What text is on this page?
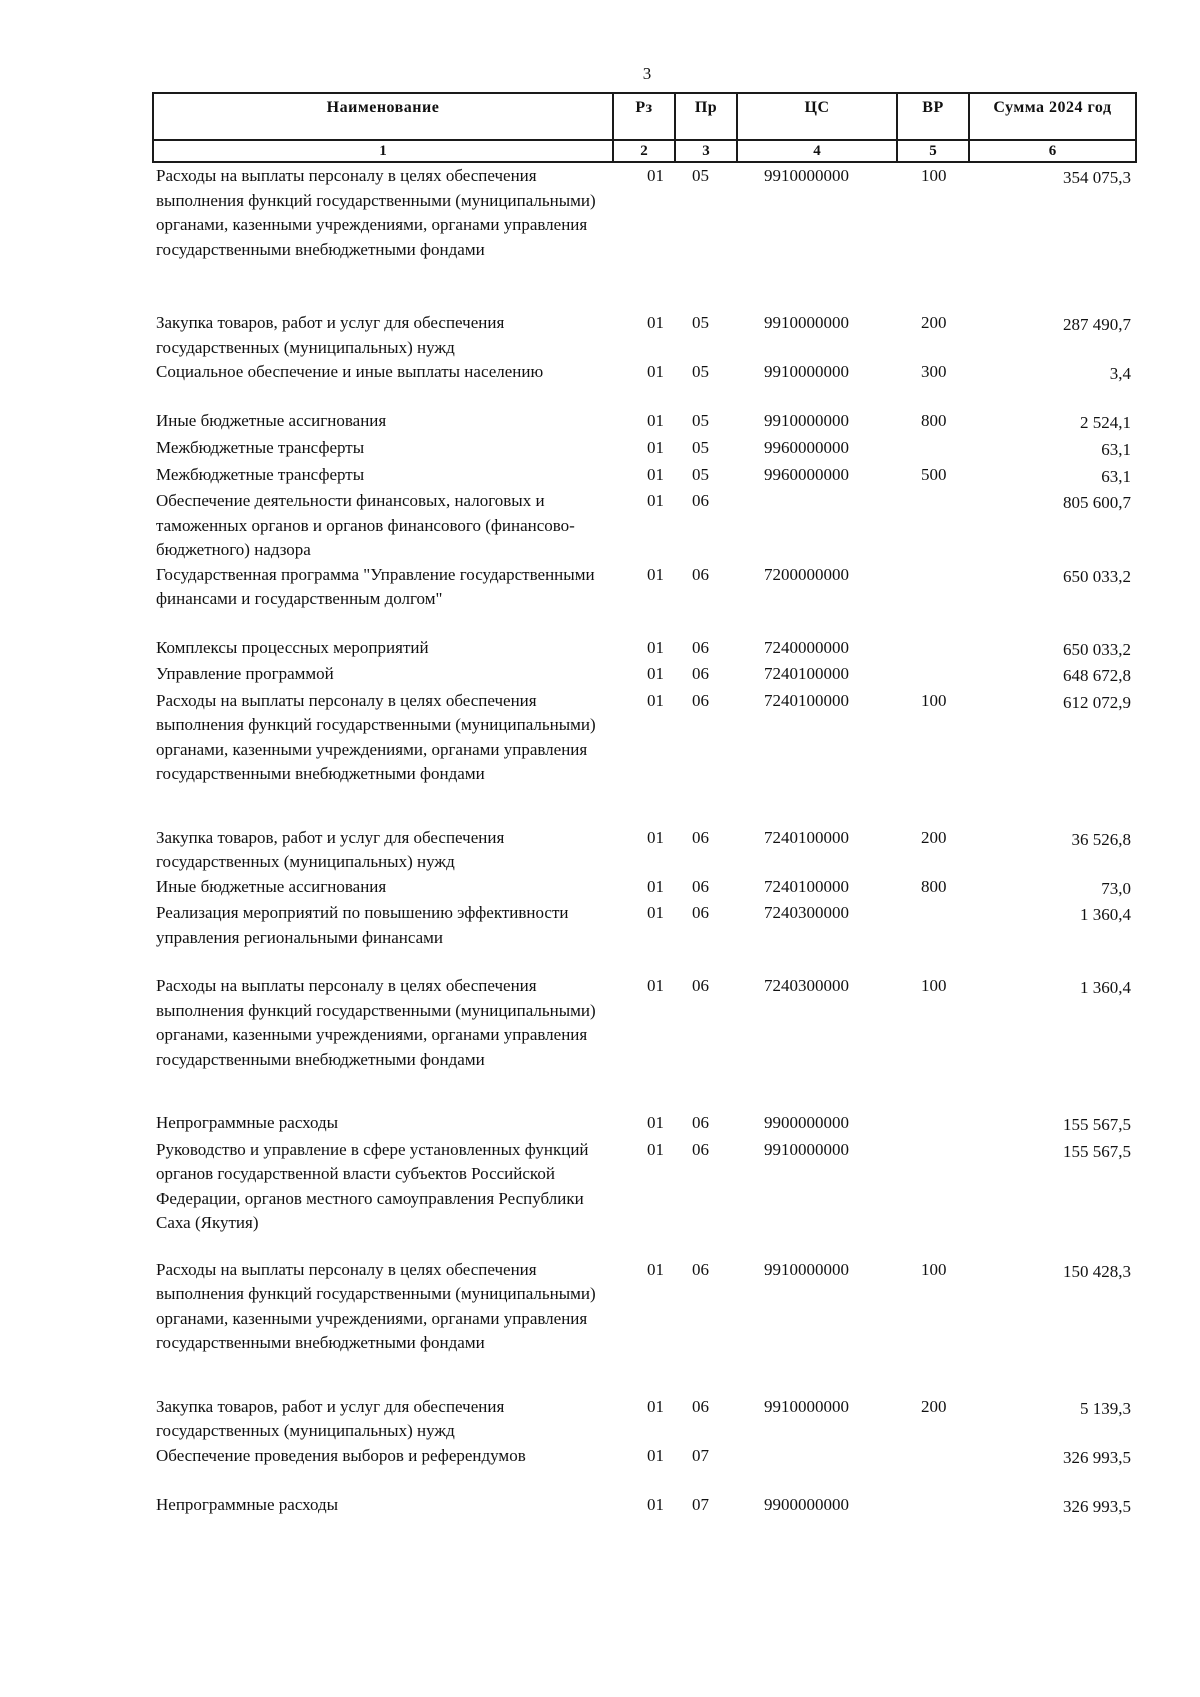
3
Наименование	Рз	Пр	ЦС	ВР	Сумма 2024 год
1	2	3	4	5	6
Расходы на выплаты персоналу в целях обеспечения выполнения функций государственными (муниципальными) органами, казенными учреждениями, органами управления государственными внебюджетными фондами	01	05	9910000000	100	354 075,3
Закупка товаров, работ и услуг для обеспечения государственных (муниципальных) нужд	01	05	9910000000	200	287 490,7
Социальное обеспечение и иные выплаты населению	01	05	9910000000	300	3,4
Иные бюджетные ассигнования	01	05	9910000000	800	2 524,1
Межбюджетные трансферты	01	05	9960000000		63,1
Межбюджетные трансферты	01	05	9960000000	500	63,1
Обеспечение деятельности финансовых, налоговых и таможенных органов и органов финансового (финансово-бюджетного) надзора	01	06			805 600,7
Государственная программа "Управление государственными финансами и государственным долгом"	01	06	7200000000		650 033,2
Комплексы процессных мероприятий	01	06	7240000000		650 033,2
Управление программой	01	06	7240100000		648 672,8
Расходы на выплаты персоналу в целях обеспечения выполнения функций государственными (муниципальными) органами, казенными учреждениями, органами управления государственными внебюджетными фондами	01	06	7240100000	100	612 072,9
Закупка товаров, работ и услуг для обеспечения государственных (муниципальных) нужд	01	06	7240100000	200	36 526,8
Иные бюджетные ассигнования	01	06	7240100000	800	73,0
Реализация мероприятий по повышению эффективности управления региональными финансами	01	06	7240300000		1 360,4
Расходы на выплаты персоналу в целях обеспечения выполнения функций государственными (муниципальными) органами, казенными учреждениями, органами управления государственными внебюджетными фондами	01	06	7240300000	100	1 360,4
Непрограммные расходы	01	06	9900000000		155 567,5
Руководство и управление в сфере установленных функций органов государственной власти субъектов Российской Федерации, органов местного самоуправления Республики Саха (Якутия)	01	06	9910000000		155 567,5
Расходы на выплаты персоналу в целях обеспечения выполнения функций государственными (муниципальными) органами, казенными учреждениями, органами управления государственными внебюджетными фондами	01	06	9910000000	100	150 428,3
Закупка товаров, работ и услуг для обеспечения государственных (муниципальных) нужд	01	06	9910000000	200	5 139,3
Обеспечение проведения выборов и референдумов	01	07			326 993,5
Непрограммные расходы	01	07	9900000000		326 993,5
